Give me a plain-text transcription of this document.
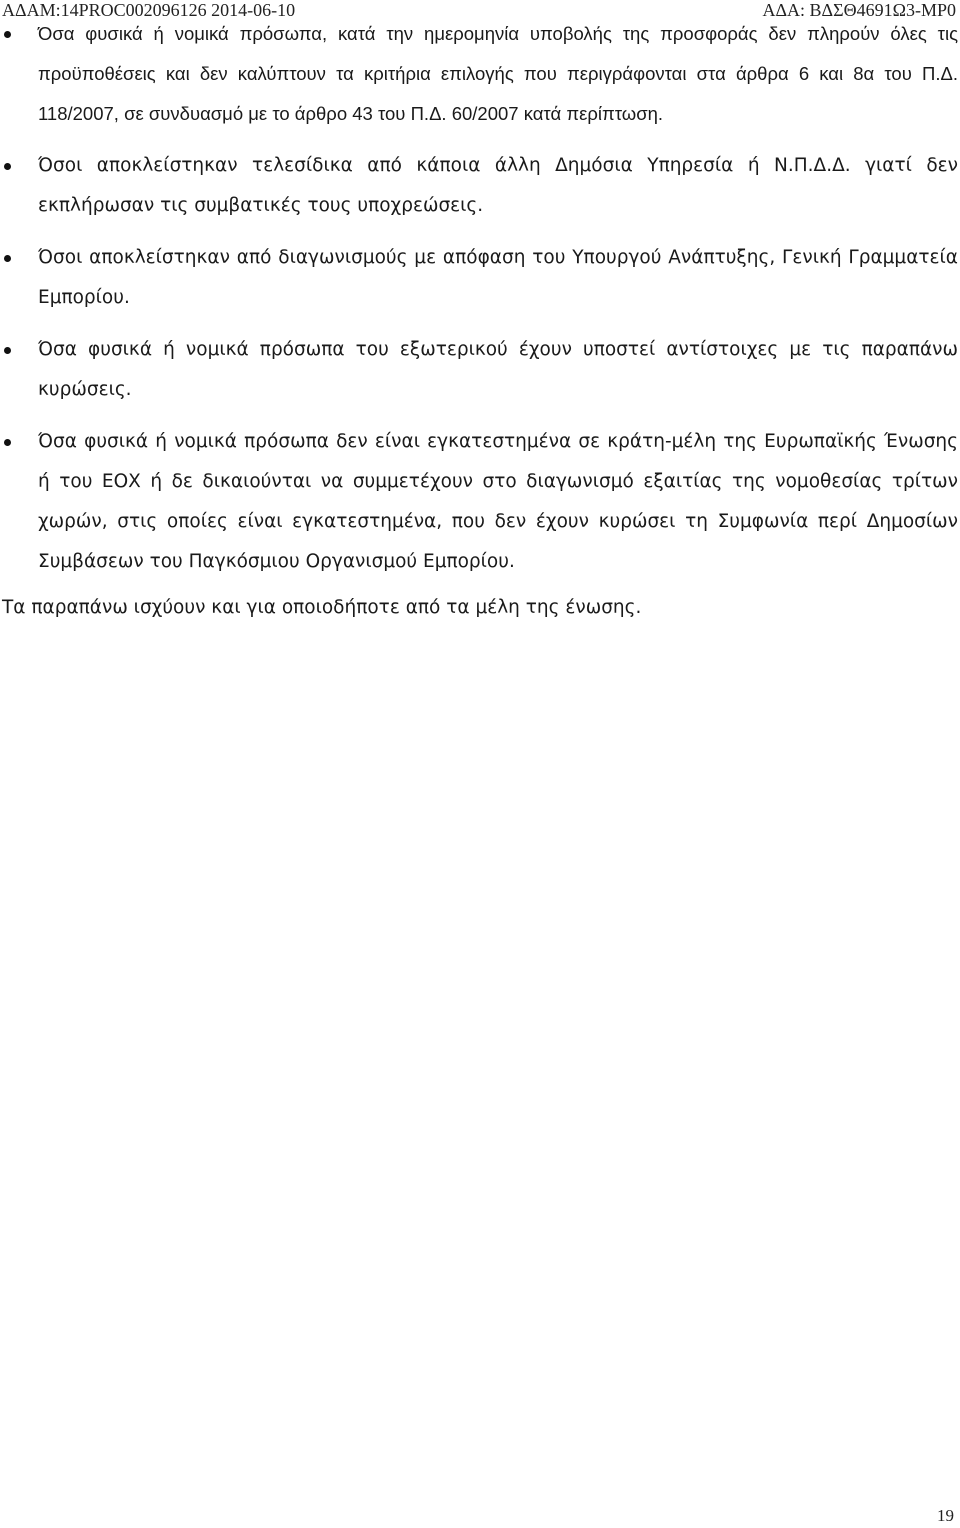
ΑΔΑΜ:14PROC002096126 2014-06-10	ΑΔΑ: ΒΔΣΘ4691Ω3-ΜΡ0
Όσα φυσικά ή νομικά πρόσωπα, κατά την ημερομηνία υποβολής της προσφοράς δεν πληρούν όλες τις προϋποθέσεις και δεν καλύπτουν τα κριτήρια επιλογής που περιγράφονται στα άρθρα 6 και 8α του Π.Δ. 118/2007, σε συνδυασμό με το άρθρο 43 του Π.Δ. 60/2007 κατά περίπτωση.
Όσοι αποκλείστηκαν τελεσίδικα από κάποια άλλη Δημόσια Υπηρεσία ή Ν.Π.Δ.Δ. γιατί δεν εκπλήρωσαν τις συμβατικές τους υποχρεώσεις.
Όσοι αποκλείστηκαν από διαγωνισμούς με απόφαση του Υπουργού Ανάπτυξης, Γενική Γραμματεία Εμπορίου.
Όσα φυσικά ή νομικά πρόσωπα του εξωτερικού έχουν υποστεί αντίστοιχες με τις παραπάνω κυρώσεις.
Όσα φυσικά ή νομικά πρόσωπα δεν είναι εγκατεστημένα σε κράτη-μέλη της Ευρωπαϊκής Ένωσης ή του ΕΟΧ ή δε δικαιούνται να συμμετέχουν στο διαγωνισμό εξαιτίας της νομοθεσίας τρίτων χωρών, στις οποίες είναι εγκατεστημένα, που δεν έχουν κυρώσει τη Συμφωνία περί Δημοσίων Συμβάσεων του Παγκόσμιου Οργανισμού Εμπορίου.

Τα παραπάνω ισχύουν και για οποιοδήποτε από τα μέλη της ένωσης.

19
